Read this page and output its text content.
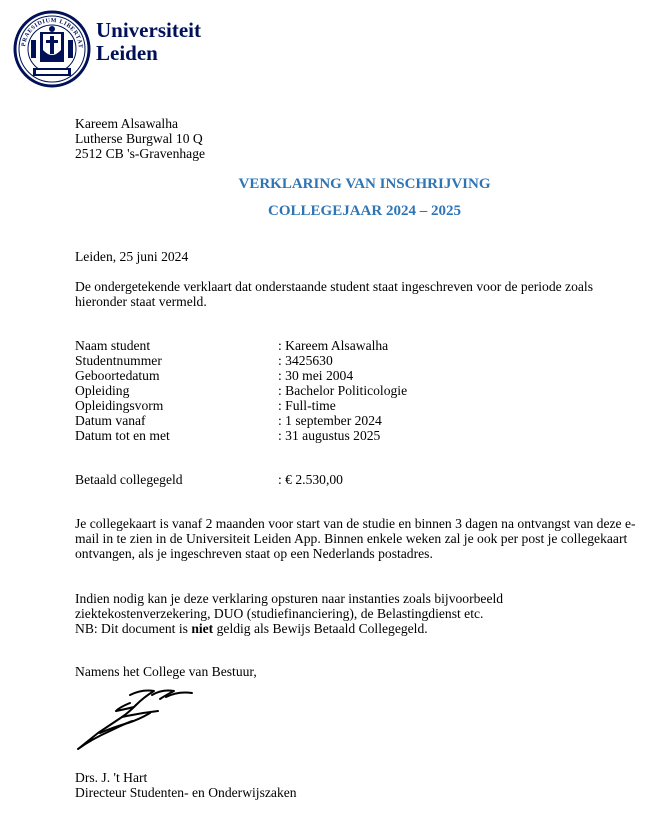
PRAESIDIUM LIBERTAT
Universiteit
Leiden
Kareem Alsawalha
Lutherse Burgwal 10 Q
2512 CB 's-Gravenhage
VERKLARING VAN INSCHRIJVING
COLLEGEJAAR 2024 – 2025
Leiden, 25 juni 2024
De ondergetekende verklaart dat onderstaande student staat ingeschreven voor de periode zoals hieronder staat vermeld.
Naam student	: Kareem Alsawalha
Studentnummer	: 3425630
Geboortedatum	: 30 mei 2004
Opleiding	: Bachelor Politicologie
Opleidingsvorm	: Full-time
Datum vanaf	: 1 september 2024
Datum tot en met	: 31 augustus 2025
Betaald collegegeld	: € 2.530,00
Je collegekaart is vanaf 2 maanden voor start van de studie en binnen 3 dagen na ontvangst van deze e-mail in te zien in de Universiteit Leiden App. Binnen enkele weken zal je ook per post je collegekaart ontvangen, als je ingeschreven staat op een Nederlands postadres.
Indien nodig kan je deze verklaring opsturen naar instanties zoals bijvoorbeeld
ziektekostenverzekering, DUO (studiefinanciering), de Belastingdienst etc.
NB: Dit document is niet geldig als Bewijs Betaald Collegegeld.
Namens het College van Bestuur,
Drs. J. 't Hart
Directeur Studenten- en Onderwijszaken
